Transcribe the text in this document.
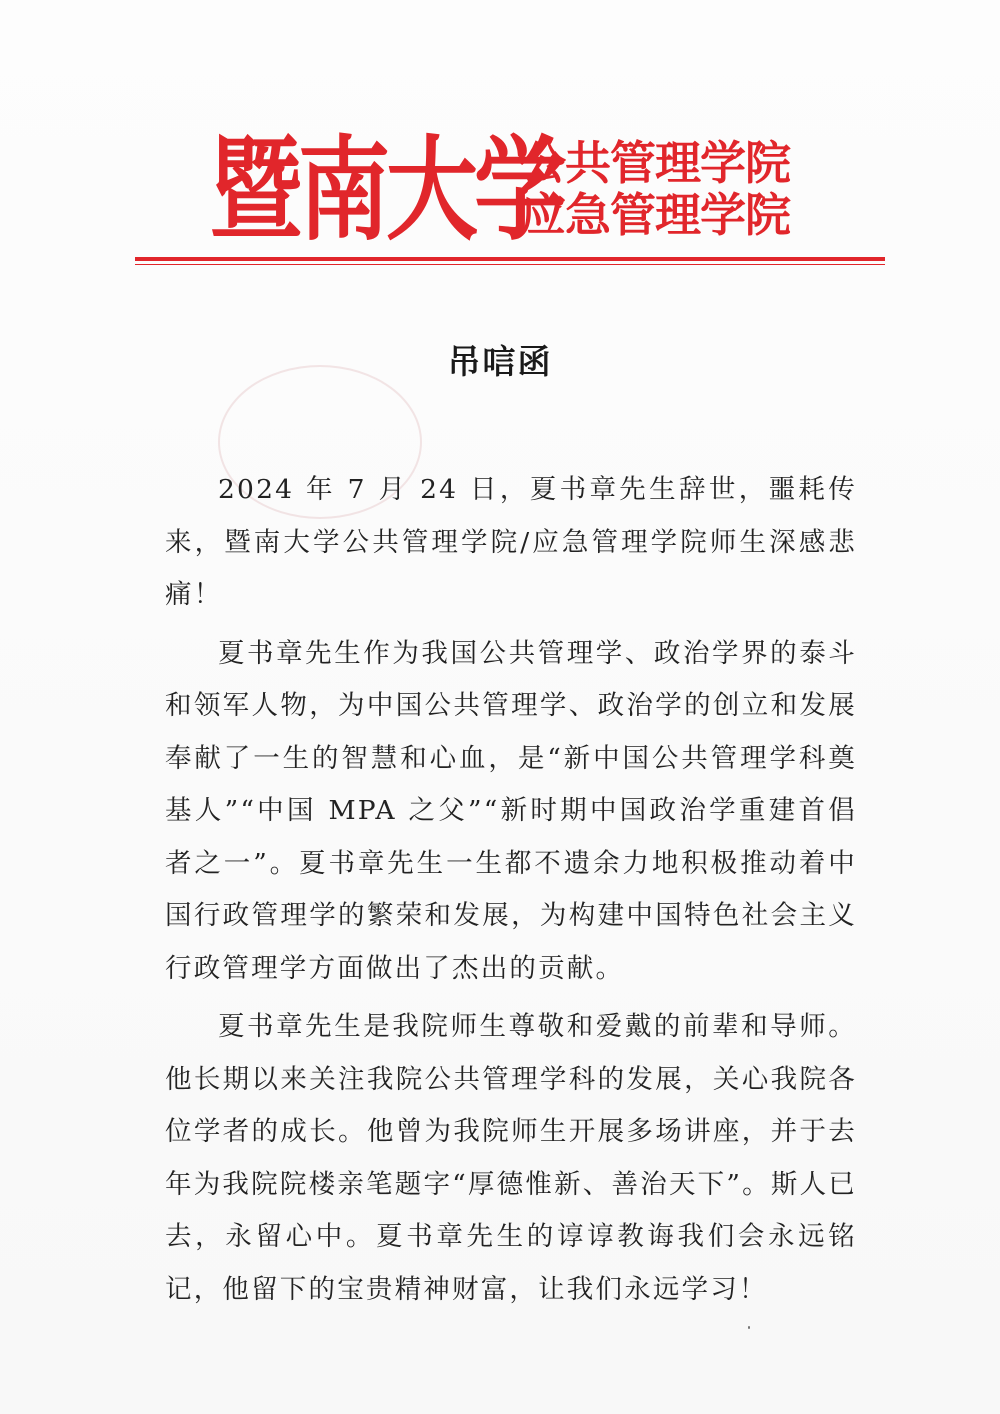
暨南大学
公共管理学院
应急管理学院
吊唁函

2024 年 7 月 24 日，夏书章先生辞世，噩耗传来，暨南大学公共管理学院/应急管理学院师生深感悲痛！

夏书章先生作为我国公共管理学、政治学界的泰斗和领军人物，为中国公共管理学、政治学的创立和发展奉献了一生的智慧和心血，是“新中国公共管理学科奠基人”“中国 MPA 之父”“新时期中国政治学重建首倡者之一”。夏书章先生一生都不遗余力地积极推动着中国行政管理学的繁荣和发展，为构建中国特色社会主义行政管理学方面做出了杰出的贡献。

夏书章先生是我院师生尊敬和爱戴的前辈和导师。他长期以来关注我院公共管理学科的发展，关心我院各位学者的成长。他曾为我院师生开展多场讲座，并于去年为我院院楼亲笔题字“厚德惟新、善治天下”。斯人已去，永留心中。夏书章先生的谆谆教诲我们会永远铭记，他留下的宝贵精神财富，让我们永远学习！
